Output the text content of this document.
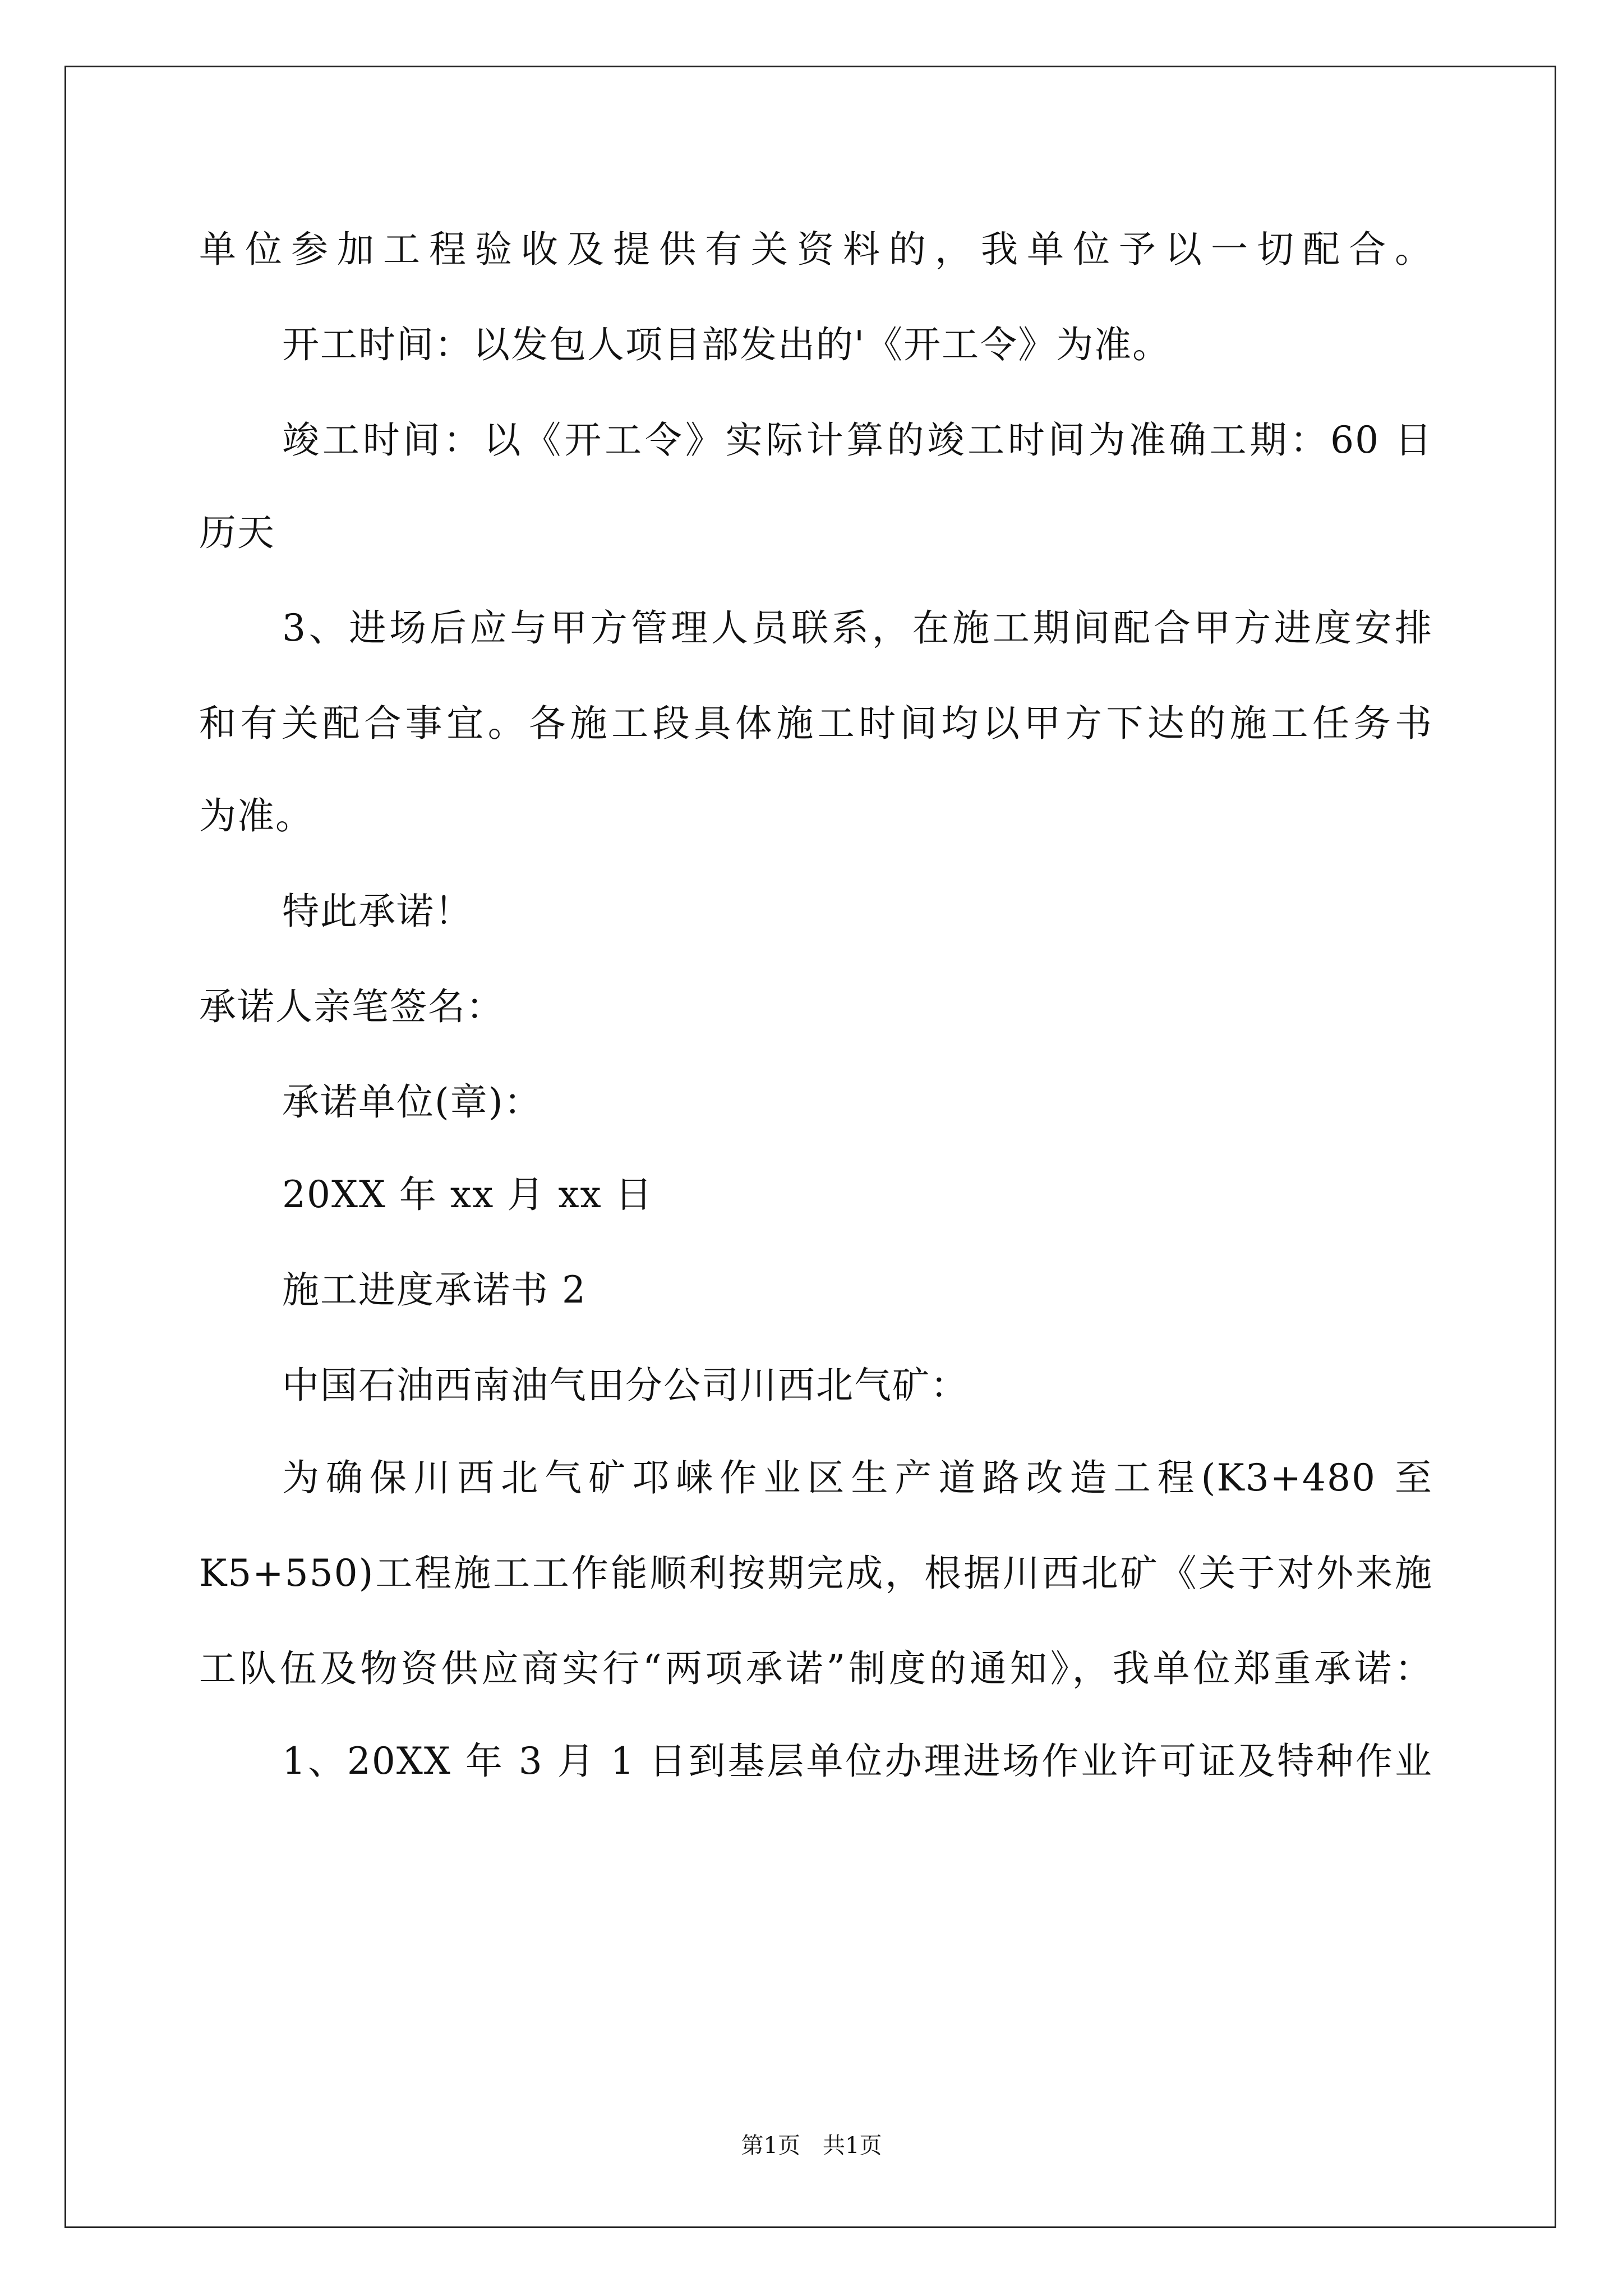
单位参加工程验收及提供有关资料的，我单位予以一切配合。
开工时间：以发包人项目部发出的'《开工令》为准。
竣工时间：以《开工令》实际计算的竣工时间为准确工期：60 日
历天
3、进场后应与甲方管理人员联系，在施工期间配合甲方进度安排
和有关配合事宜。各施工段具体施工时间均以甲方下达的施工任务书
为准。
特此承诺！
承诺人亲笔签名：
承诺单位(章)：
20XX 年 xx 月 xx 日
施工进度承诺书 2
中国石油西南油气田分公司川西北气矿：
为确保川西北气矿邛崃作业区生产道路改造工程(K3+480 至
K5+550)工程施工工作能顺利按期完成，根据川西北矿《关于对外来施
工队伍及物资供应商实行“两项承诺”制度的通知》，我单位郑重承诺：
1、20XX 年 3 月 1 日到基层单位办理进场作业许可证及特种作业
第1页　共1页
